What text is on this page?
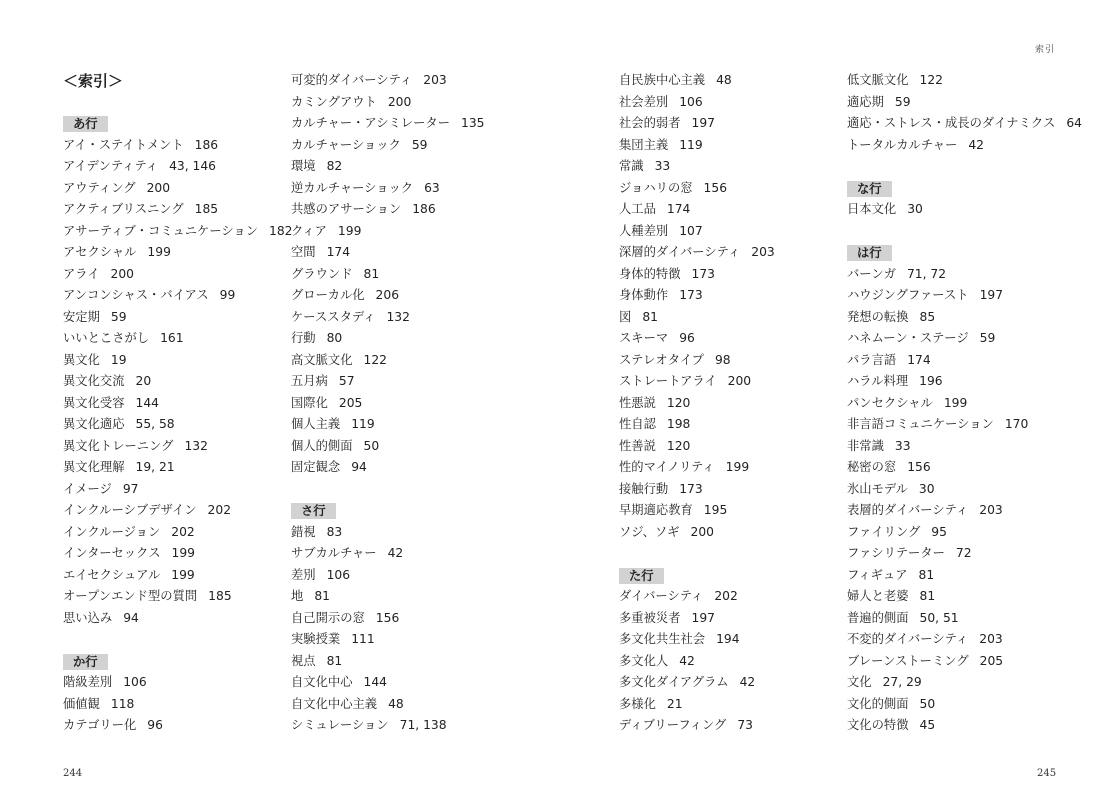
索引
＜索引＞
あ行
アイ・ステイトメント 186
アイデンティティ 43, 146
アウティング 200
アクティブリスニング 185
アサーティブ・コミュニケーション 182
アセクシャル 199
アライ 200
アンコンシャス・バイアス 99
安定期 59
いいとこさがし 161
異文化 19
異文化交流 20
異文化受容 144
異文化適応 55, 58
異文化トレーニング 132
異文化理解 19, 21
イメージ 97
インクルーシブデザイン 202
インクルージョン 202
インターセックス 199
エイセクシュアル 199
オープンエンド型の質問 185
思い込み 94
か行
階級差別 106
価値観 118
カテゴリー化 96
可変的ダイバーシティ 203
カミングアウト 200
カルチャー・アシミレーター 135
カルチャーショック 59
環境 82
逆カルチャーショック 63
共感のアサーション 186
クィア 199
空間 174
グラウンド 81
グローカル化 206
ケーススタディ 132
行動 80
高文脈文化 122
五月病 57
国際化 205
個人主義 119
個人的側面 50
固定観念 94
さ行
錯視 83
サブカルチャー 42
差別 106
地 81
自己開示の窓 156
実験授業 111
視点 81
自文化中心 144
自文化中心主義 48
シミュレーション 71, 138
自民族中心主義 48
社会差別 106
社会的弱者 197
集団主義 119
常識 33
ジョハリの窓 156
人工品 174
人種差別 107
深層的ダイバーシティ 203
身体的特徴 173
身体動作 173
図 81
スキーマ 96
ステレオタイプ 98
ストレートアライ 200
性悪説 120
性自認 198
性善説 120
性的マイノリティ 199
接触行動 173
早期適応教育 195
ソジ、ソギ 200
た行
ダイバーシティ 202
多重被災者 197
多文化共生社会 194
多文化人 42
多文化ダイアグラム 42
多様化 21
ディブリーフィング 73
低文脈文化 122
適応期 59
適応・ストレス・成長のダイナミクス 64
トータルカルチャー 42
な行
日本文化 30
は行
バーンガ 71, 72
ハウジングファースト 197
発想の転換 85
ハネムーン・ステージ 59
パラ言語 174
ハラル料理 196
パンセクシャル 199
非言語コミュニケーション 170
非常識 33
秘密の窓 156
氷山モデル 30
表層的ダイバーシティ 203
ファイリング 95
ファシリテーター 72
フィギュア 81
婦人と老婆 81
普遍的側面 50, 51
不変的ダイバーシティ 203
ブレーンストーミング 205
文化 27, 29
文化的側面 50
文化の特徴 45
244	245
